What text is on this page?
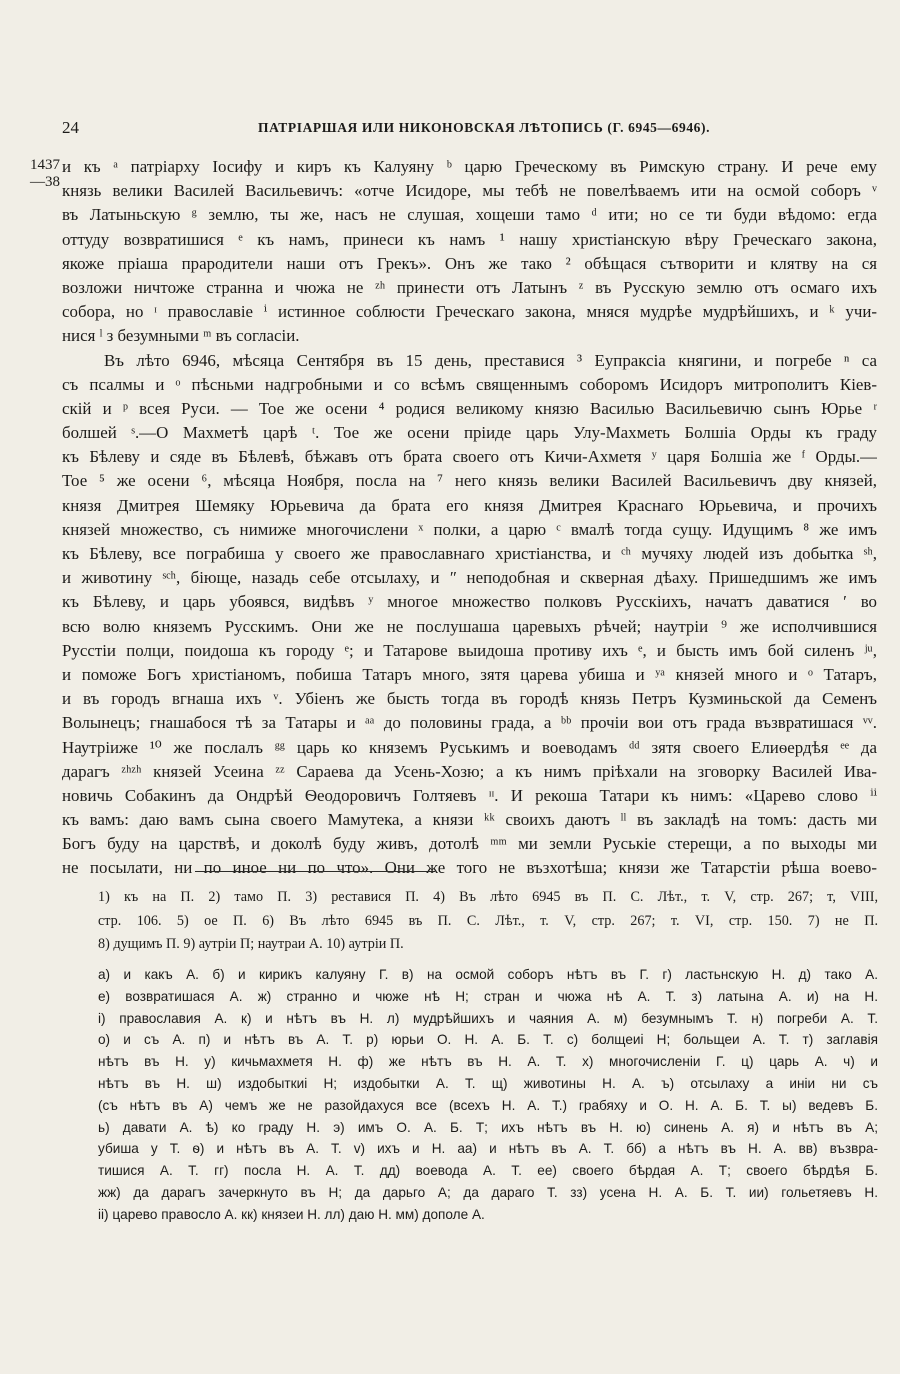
24	ПАТРІАРШАЯ ИЛИ НИКОНОВСКАЯ ЛѢТОПИСЬ (Г. 6945—6946).
1437
—38
и къ ᵃ патріарху Іосифу и киръ къ Калуяну ᵇ царю Греческому въ Римскую страну. И рече ему
князь велики Василей Васильевичъ: «отче Исидоре, мы тебѣ не повелѣваемъ ити на осмой соборъ ᵛ
въ Латыньскую ᵍ землю, ты же, насъ не слушая, хощеши тамо ᵈ ити; но се ти буди вѣдомо: егда
оттуду возвратишися ᵉ къ намъ, принеси къ намъ ¹ нашу христіанскую вѣру Греческаго закона,
якоже пріаша прародители наши отъ Грекъ». Онъ же тако ² обѣщася сътворити и клятву на ся
возложи ничтоже странна и чюжа не ᶻʰ принести отъ Латынъ ᶻ въ Русскую землю отъ осмаго ихъ
собора, но ᶦ православіе ⁱ истинное соблюсти Греческаго закона, мняся мудрѣе мудрѣйшихъ, и ᵏ учи-
нися ˡ з безумными ᵐ въ согласіи.
Въ лѣто 6946, мѣсяца Сентября въ 15 день, преставися ³ Еупраксіа княгини, и погребе ⁿ са
съ псалмы и ᵒ пѣсньми надгробными и со всѣмъ священнымъ соборомъ Исидоръ митрополитъ Кіев-
скій и ᵖ всея Руси. — Тое же осени ⁴ родися великому князю Василью Васильевичю сынъ Юрье ʳ
болшей ˢ.—О Махметѣ царѣ ᵗ. Тое же осени пріиде царь Улу-Махметь Болшіа Орды къ граду
къ Бѣлеву и сяде въ Бѣлевѣ, бѣжавъ отъ брата своего отъ Кичи-Ахметя ʸ царя Болшіа же ᶠ Орды.—
Тое ⁵ же осени ⁶, мѣсяца Ноября, посла на ⁷ него князь велики Василей Васильевичъ дву князей,
князя Дмитрея Шемяку Юрьевича да брата его князя Дмитрея Краснаго Юрьевича, и прочихъ
князей множество, съ нимиже многочислени ˣ полки, а царю ᶜ вмалѣ тогда сущу. Идущимъ ⁸ же имъ
къ Бѣлеву, все пограбиша у своего же православнаго христіанства, и ᶜʰ мучяху людей изъ добытка ˢʰ,
и животину ˢᶜʰ, біюще, назадь себе отсылаху, и ʺ неподобная и скверная дѣаху. Пришедшимъ же имъ
къ Бѣлеву, и царь убоявся, видѣвъ ʸ многое множество полковъ Русскіихъ, начатъ даватися ʹ во
всю волю княземъ Русскимъ. Они же не послушаша царевыхъ рѣчей; наутріи ⁹ же исполчившися
Русстіи полци, поидоша къ городу ᵉ; и Татарове выидоша противу ихъ ᵉ, и бысть имъ бой силенъ ʲᵘ,
и поможе Богъ христіаномъ, побиша Татаръ много, зятя царева убиша и ʸᵃ князей много и ᵒ Татаръ,
и въ городъ вгнаша ихъ ᵛ. Убіенъ же бысть тогда въ городѣ князь Петръ Кузминьской да Семенъ
Волынецъ; гнашабося тѣ за Татары и ᵃᵃ до половины града, а ᵇᵇ прочіи вои отъ града възвратишася ᵛᵛ.
Наутріиже ¹⁰ же послалъ ᵍᵍ царь ко княземъ Руськимъ и воеводамъ ᵈᵈ зятя своего Елиѳердѣя ᵉᵉ да
дарагъ ᶻʰᶻʰ князей Усеина ᶻᶻ Сараева да Усень-Хозю; а къ нимъ пріѣхали на зговорку Василей Ива-
новичь Собакинъ да Ондрѣй Ѳеодоровичъ Голтяевъ ᶦᶦ. И рекоша Татари къ нимъ: «Царево слово ⁱⁱ
къ вамъ: даю вамъ сына своего Мамутека, а князи ᵏᵏ своихъ даютъ ˡˡ въ закладѣ на томъ: дасть ми
Богъ буду на царствѣ, и доколѣ буду живъ, дотолѣ ᵐᵐ ми земли Руськіе стерещи, а по выходы ми
не посылати, ни по иное ни по что». Они же того не възхотѣша; князи же Татарстіи рѣша воево-
1) къ на П. 2) тамо П. 3) реставися П. 4) Въ лѣто 6945 въ П. С. Лѣт., т. V, стр. 267; т, VIII,
стр. 106. 5) ое П. 6) Въ лѣто 6945 въ П. С. Лѣт., т. V, стр. 267; т. VI, стр. 150. 7) не П.
8) дущимъ П. 9) аутріи П; наутраи А. 10) аутріи П.
а) и какъ А. б) и кирикъ калуяну Г. в) на осмой соборъ нѣтъ въ Г. г) ластьнскую Н. д) тако А.
е) возвратишася А. ж) странно и чюже нѣ Н; стран и чюжа нѣ А. Т. з) латына А. и) на Н.
і) православия А. к) и нѣтъ въ Н. л) мудрѣйшихъ и чаяния А. м) безумнымъ Т. н) погреби А. Т.
о) и съ А. п) и нѣтъ въ А. Т. р) юрьи О. Н. А. Б. Т. с) болщеиі Н; больщеи А. Т. т) заглавія
нѣтъ въ Н. у) кичьмахметя Н. ф) же нѣтъ въ Н. А. Т. х) многочисленіи Г. ц) царь А. ч) и
нѣтъ въ Н. ш) издобыткиі Н; издобытки А. Т. щ) животины Н. А. ъ) отсылаху а иніи ни съ
(съ нѣтъ въ А) чемъ же не разойдахуся все (всехъ Н. А. Т.) грабяху и О. Н. А. Б. Т. ы) ведевъ Б.
ь) давати А. ѣ) ко граду Н. э) имъ О. А. Б. Т; ихъ нѣтъ въ Н. ю) синень А. я) и нѣтъ въ А;
убиша у Т. ѳ) и нѣтъ въ А. Т. v) ихъ и Н. аа) и нѣтъ въ А. Т. бб) а нѣтъ въ Н. А. вв) възвра-
тишися А. Т. гг) посла Н. А. Т. дд) воевода А. Т. ее) своего бѣрдая А. Т; своего бѣрдѣя Б.
жж) да дарагъ зачеркнуто въ Н; да дарьго А; да дараго Т. зз) усена Н. А. Б. Т. ии) гольетяевъ Н.
іі) царево правосло А. кк) князеи Н. лл) даю Н. мм) дополе А.
